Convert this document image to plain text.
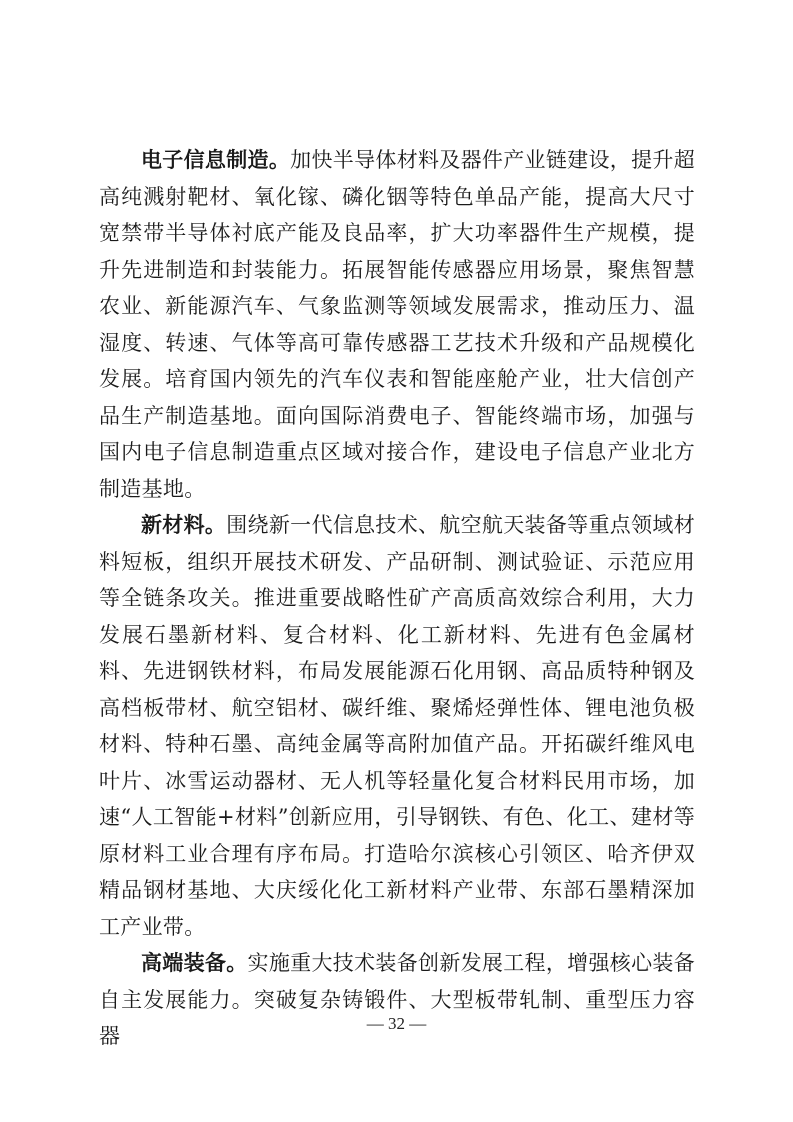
电子信息制造。加快半导体材料及器件产业链建设，提升超高纯溅射靶材、氧化镓、磷化铟等特色单品产能，提高大尺寸宽禁带半导体衬底产能及良品率，扩大功率器件生产规模，提升先进制造和封装能力。拓展智能传感器应用场景，聚焦智慧农业、新能源汽车、气象监测等领域发展需求，推动压力、温湿度、转速、气体等高可靠传感器工艺技术升级和产品规模化发展。培育国内领先的汽车仪表和智能座舱产业，壮大信创产品生产制造基地。面向国际消费电子、智能终端市场，加强与国内电子信息制造重点区域对接合作，建设电子信息产业北方制造基地。

新材料。围绕新一代信息技术、航空航天装备等重点领域材料短板，组织开展技术研发、产品研制、测试验证、示范应用等全链条攻关。推进重要战略性矿产高质高效综合利用，大力发展石墨新材料、复合材料、化工新材料、先进有色金属材料、先进钢铁材料，布局发展能源石化用钢、高品质特种钢及高档板带材、航空铝材、碳纤维、聚烯烃弹性体、锂电池负极材料、特种石墨、高纯金属等高附加值产品。开拓碳纤维风电叶片、冰雪运动器材、无人机等轻量化复合材料民用市场，加速“人工智能+材料”创新应用，引导钢铁、有色、化工、建材等原材料工业合理有序布局。打造哈尔滨核心引领区、哈齐伊双精品钢材基地、大庆绥化化工新材料产业带、东部石墨精深加工产业带。

高端装备。实施重大技术装备创新发展工程，增强核心装备自主发展能力。突破复杂铸锻件、大型板带轧制、重型压力容器

— 32 —
